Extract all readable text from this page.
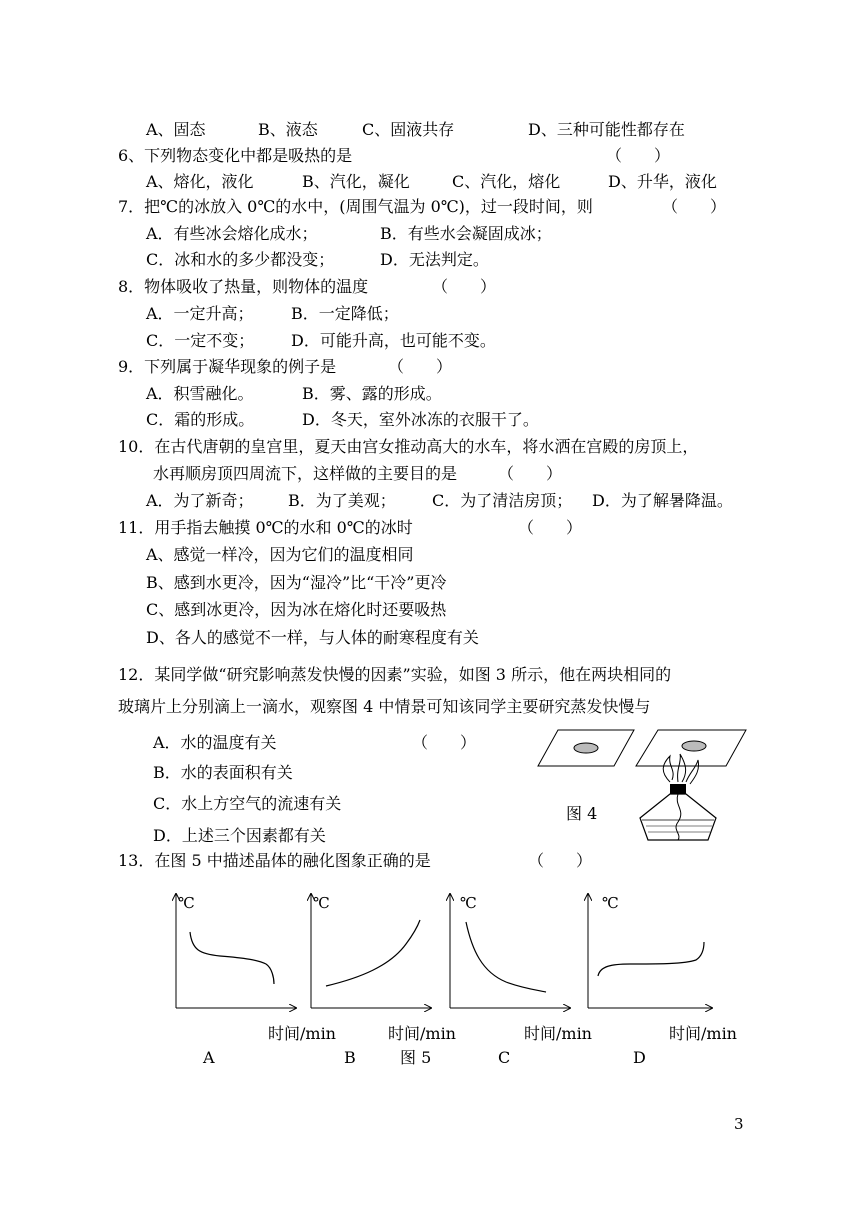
A、固态	B、液态	C、固液共存	D、三种可能性都存在
6、下列物态变化中都是吸热的是	（　　）
A、熔化，液化	B、汽化，凝化	C、汽化，熔化	D、升华，液化
7．把℃的冰放入 0℃的水中，(周围气温为 0℃)，过一段时间，则	（　　）
A．有些冰会熔化成水；	B．有些水会凝固成冰；
C．冰和水的多少都没变；	D．无法判定。
8．物体吸收了热量，则物体的温度	（　　）
A．一定升高； B．一定降低；
C．一定不变； D．可能升高，也可能不变。
9．下列属于凝华现象的例子是	（　　）
A．积雪融化。	B．雾、露的形成。
C．霜的形成。	D．冬天，室外冰冻的衣服干了。
10．在古代唐朝的皇宫里，夏天由宫女推动高大的水车，将水洒在宫殿的房顶上，
水再顺房顶四周流下，这样做的主要目的是	（　　）
A．为了新奇； B．为了美观； C．为了清洁房顶； D．为了解暑降温。
11．用手指去触摸 0℃的水和 0℃的冰时	（　　）
A、感觉一样冷，因为它们的温度相同
B、感到水更冷，因为“湿冷”比“干冷”更冷
C、感到冰更冷，因为冰在熔化时还要吸热
D、各人的感觉不一样，与人体的耐寒程度有关
12．某同学做“研究影响蒸发快慢的因素”实验，如图 3 所示，他在两块相同的
玻璃片上分别滴上一滴水，观察图 4 中情景可知该同学主要研究蒸发快慢与
A．水的温度有关	（　　）
B．水的表面积有关
C．水上方空气的流速有关
D．上述三个因素都有关
图 4
13．在图 5 中描述晶体的融化图象正确的是	（　　）
℃
时间/min
A
℃
时间/min
B	图 5
℃
时间/min
C
℃
时间/min
D
3
